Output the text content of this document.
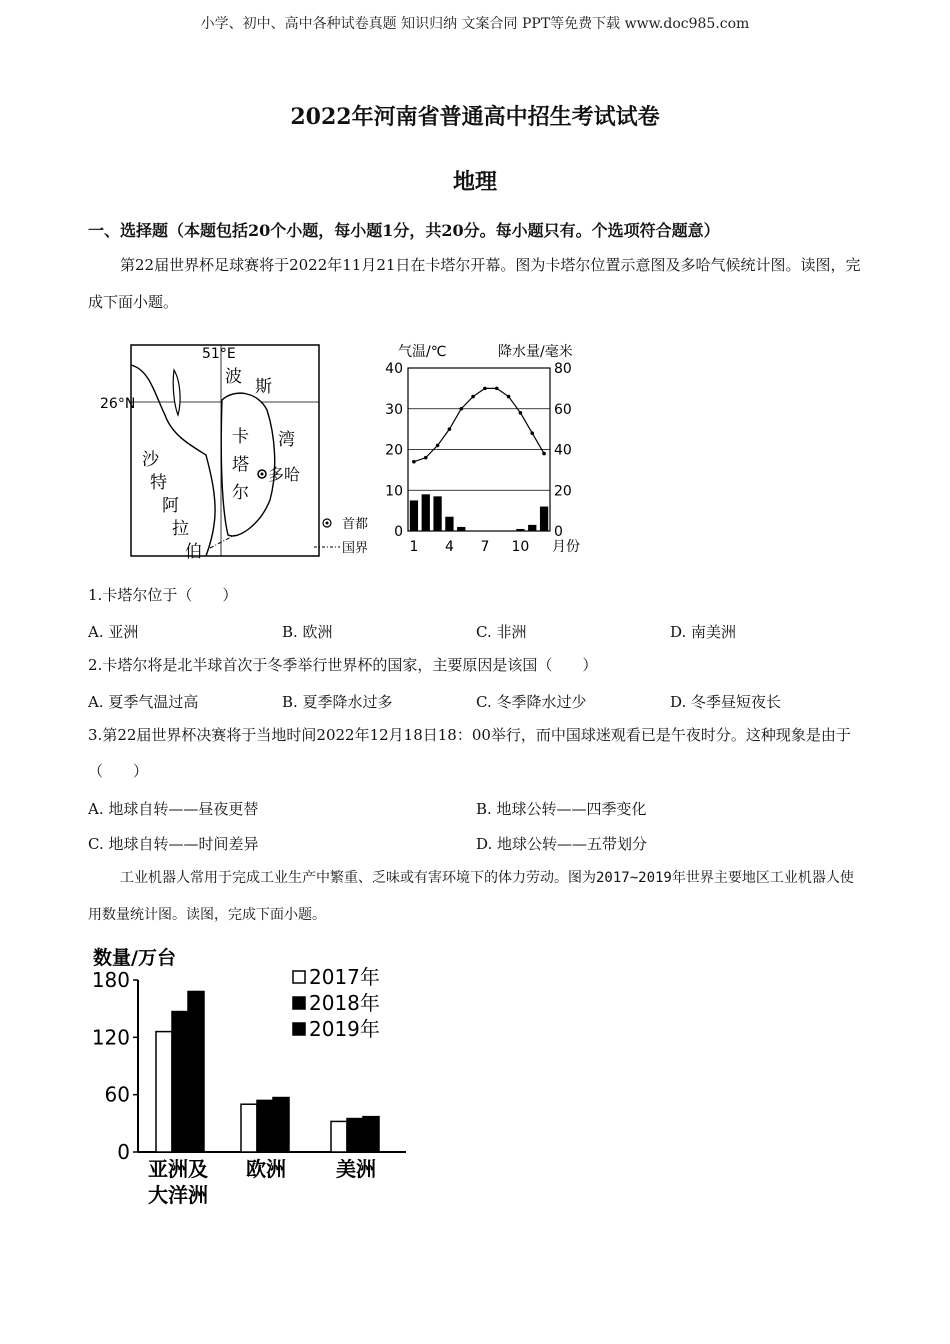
小学、初中、高中各种试卷真题 知识归纳 文案合同 PPT等免费下载 www.doc985.com
2022年河南省普通高中招生考试试卷
地理
一、选择题（本题包括20个小题，每小题1分，共20分。每小题只有。个选项符合题意）
第22届世界杯足球赛将于2022年11月21日在卡塔尔开幕。图为卡塔尔位置示意图及多哈气候统计图。读图，完成下面小题。
51°E
26°N
波 斯
湾
卡
塔
尔
多哈
沙
特
阿
拉
伯
首都
国界
气温/℃	降水量/毫米
月份
40
30
20
10
0
80
60
40
20
0
1 4 7 10
1.卡塔尔位于（　　）
A. 亚洲	B. 欧洲	C. 非洲	D. 南美洲
2.卡塔尔将是北半球首次于冬季举行世界杯的国家，主要原因是该国（　　）
A. 夏季气温过高	B. 夏季降水过多	C. 冬季降水过少	D. 冬季昼短夜长
3.第22届世界杯决赛将于当地时间2022年12月18日18：00举行，而中国球迷观看已是午夜时分。这种现象是由于（　　）
A. 地球自转——昼夜更替	B. 地球公转——四季变化
C. 地球自转——时间差异	D. 地球公转——五带划分
工业机器人常用于完成工业生产中繁重、乏味或有害环境下的体力劳动。图为2017~2019年世界主要地区工业机器人使用数量统计图。读图，完成下面小题。
数量/万台
180
120
60
0
亚洲及
大洋洲
欧洲	美洲
2017年
2018年
2019年
